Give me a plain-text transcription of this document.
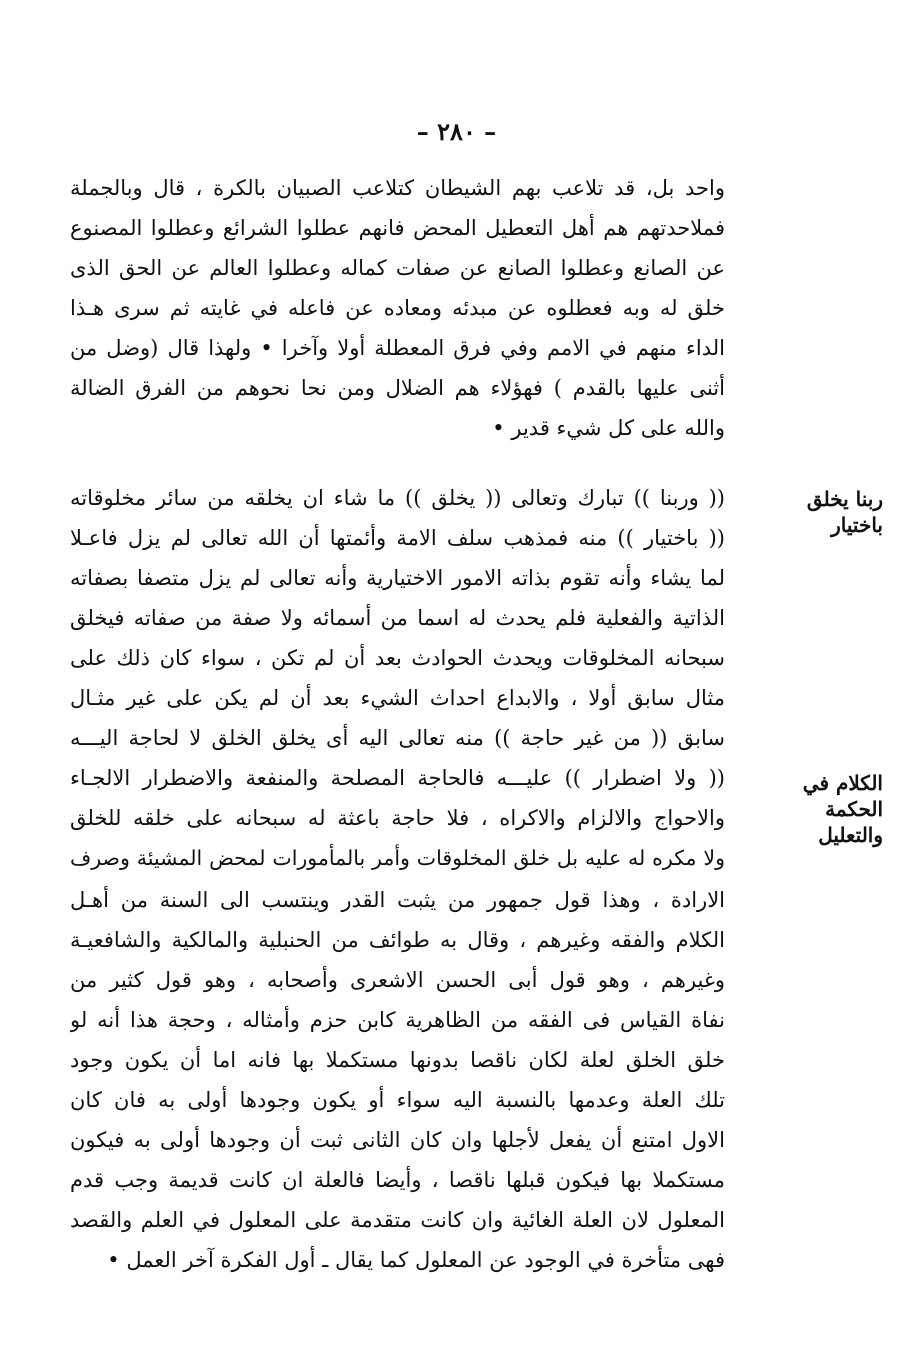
– ٢٨٠ –
ربنا يخلق
باختيار
الكلام في الحكمة
والتعليل
واحد بل، قد تلاعب بهم الشيطان كتلاعب الصبيان بالكرة ، قال وبالجملة
فملاحدتهم هم أهل التعطيل المحض فانهم عطلوا الشرائع وعطلوا المصنوع
عن الصانع وعطلوا الصانع عن صفات كماله وعطلوا العالم عن الحق الذى
خلق له وبه فعطلوه عن مبدئه ومعاده عن فاعله في غايته ثم سرى هـذا
الداء منهم في الامم وفي فرق المعطلة أولا وآخرا • ولهذا قال (وضل من
أثنى عليها بالقدم ) فهؤلاء هم الضلال ومن نحا نحوهم من الفرق الضالة
والله على كل شيء قدير •
(( وربنا )) تبارك وتعالى (( يخلق )) ما شاء ان يخلقه من سائر مخلوقاته
(( باختيار )) منه فمذهب سلف الامة وأئمتها أن الله تعالى لم يزل فاعـلا
لما يشاء وأنه تقوم بذاته الامور الاختيارية وأنه تعالى لم يزل متصفا بصفاته
الذاتية والفعلية فلم يحدث له اسما من أسمائه ولا صفة من صفاته فيخلق
سبحانه المخلوقات ويحدث الحوادث بعد أن لم تكن ، سواء كان ذلك على
مثال سابق أولا ، والابداع احداث الشيء بعد أن لم يكن على غير مثـال
سابق (( من غير حاجة )) منه تعالى اليه أى يخلق الخلق لا لحاجة اليـــه
(( ولا اضطرار )) عليـــه فالحاجة المصلحة والمنفعة والاضطرار الالجـاء
والاحواج والالزام والاكراه ، فلا حاجة باعثة له سبحانه على خلقه للخلق
ولا مكره له عليه بل خلق المخلوقات وأمر بالمأمورات لمحض المشيئة وصرف
الارادة ، وهذا قول جمهور من يثبت القدر وينتسب الى السنة من أهـل
الكلام والفقه وغيرهم ، وقال به طوائف من الحنبلية والمالكية والشافعيـة
وغيرهم ، وهو قول أبى الحسن الاشعرى وأصحابه ، وهو قول كثير من
نفاة القياس فى الفقه من الظاهرية كابن حزم وأمثاله ، وحجة هذا أنه لو
خلق الخلق لعلة لكان ناقصا بدونها مستكملا بها فانه اما أن يكون وجود
تلك العلة وعدمها بالنسبة اليه سواء أو يكون وجودها أولى به فان كان
الاول امتنع أن يفعل لأجلها وان كان الثانى ثبت أن وجودها أولى به فيكون
مستكملا بها فيكون قبلها ناقصا ، وأيضا فالعلة ان كانت قديمة وجب قدم
المعلول لان العلة الغائية وان كانت متقدمة على المعلول في العلم والقصد
فهى متأخرة في الوجود عن المعلول كما يقال ـ أول الفكرة آخر العمل •
